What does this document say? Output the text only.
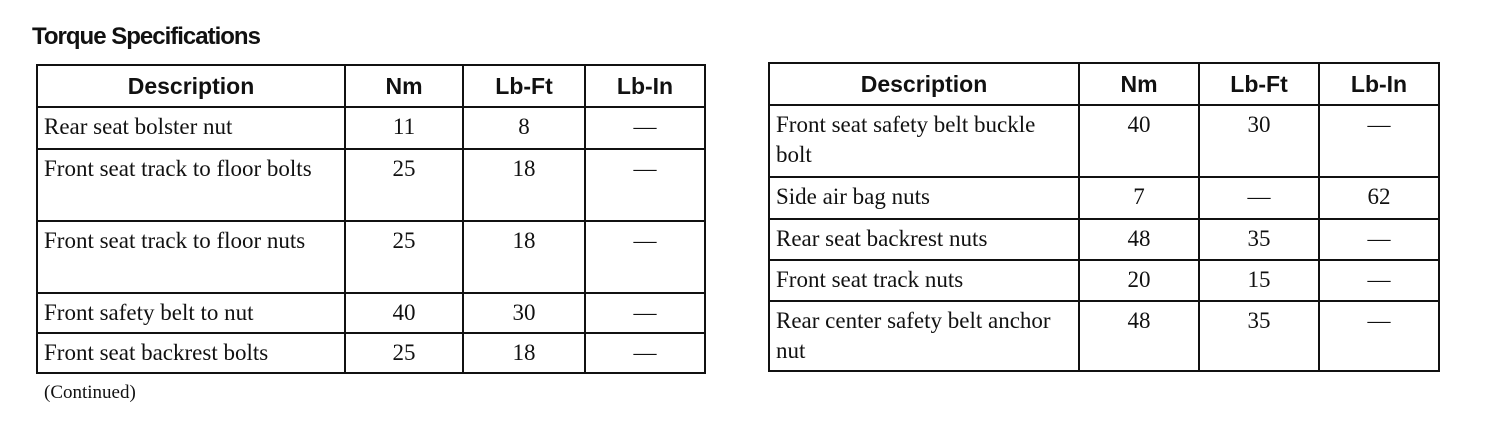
Torque Specifications
Description	Nm	Lb-Ft	Lb-In
Rear seat bolster nut	11	8	—
Front seat track to floor bolts	25	18	—
Front seat track to floor nuts	25	18	—
Front safety belt to nut	40	30	—
Front seat backrest bolts	25	18	—
Description	Nm	Lb-Ft	Lb-In
Front seat safety belt buckle bolt	40	30	—
Side air bag nuts	7	—	62
Rear seat backrest nuts	48	35	—
Front seat track nuts	20	15	—
Rear center safety belt anchor nut	48	35	—
(Continued)
